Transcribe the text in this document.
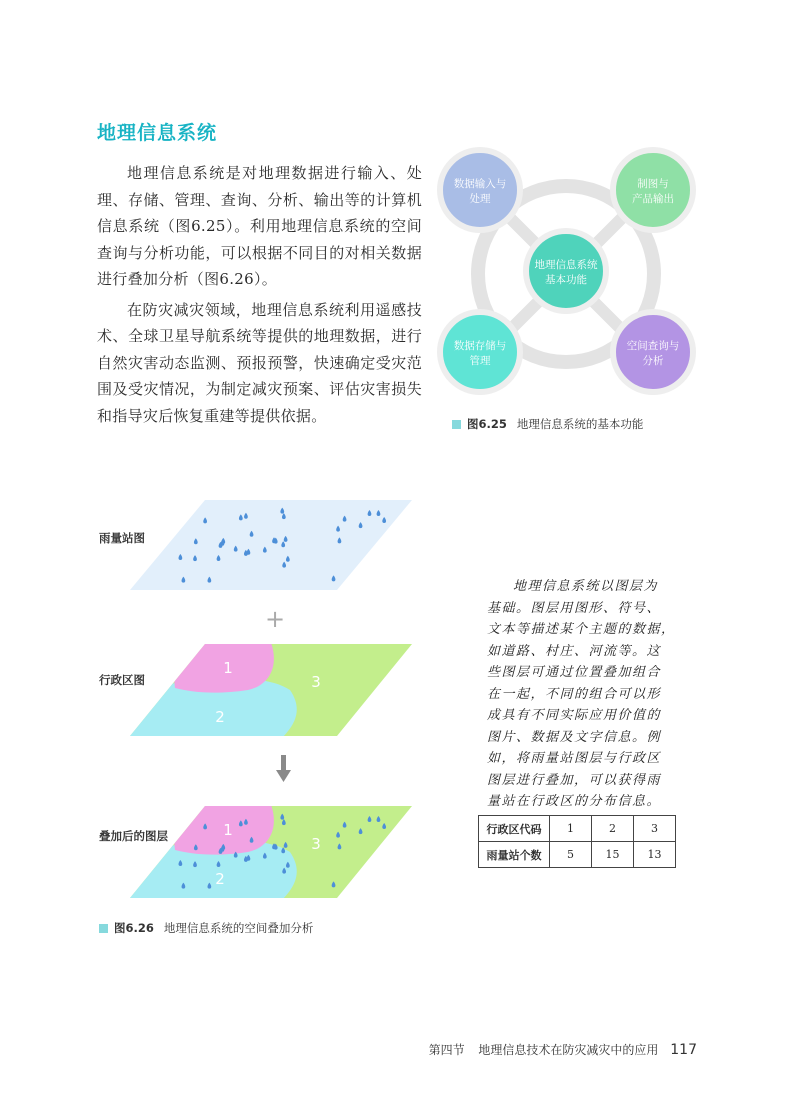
地理信息系统

地理信息系统是对地理数据进行输入、处理、存储、管理、查询、分析、输出等的计算机信息系统（图6.25）。利用地理信息系统的空间查询与分析功能，可以根据不同目的对相关数据进行叠加分析（图6.26）。

在防灾减灾领域，地理信息系统利用遥感技术、全球卫星导航系统等提供的地理数据，进行自然灾害动态监测、预报预警，快速确定受灾范围及受灾情况，为制定减灾预案、评估灾害损失和指导灾后恢复重建等提供依据。

数据输入与
处理
制图与
产品输出
地理信息系统
基本功能
数据存储与
管理
空间查询与
分析
图6.25 地理信息系统的基本功能
雨量站图
行政区图
叠加后的图层
+
1
2
3
1
2
3
图6.26 地理信息系统的空间叠加分析
地理信息系统以图层为
基础。图层用图形、符号、
文本等描述某个主题的数据，
如道路、村庄、河流等。这
些图层可通过位置叠加组合
在一起，不同的组合可以形
成具有不同实际应用价值的
图片、数据及文字信息。例
如，将雨量站图层与行政区
图层进行叠加，可以获得雨
量站在行政区的分布信息。
行政区代码	1	2	3
雨量站个数	5	15	13
第四节 地理信息技术在防灾减灾中的应用 117
